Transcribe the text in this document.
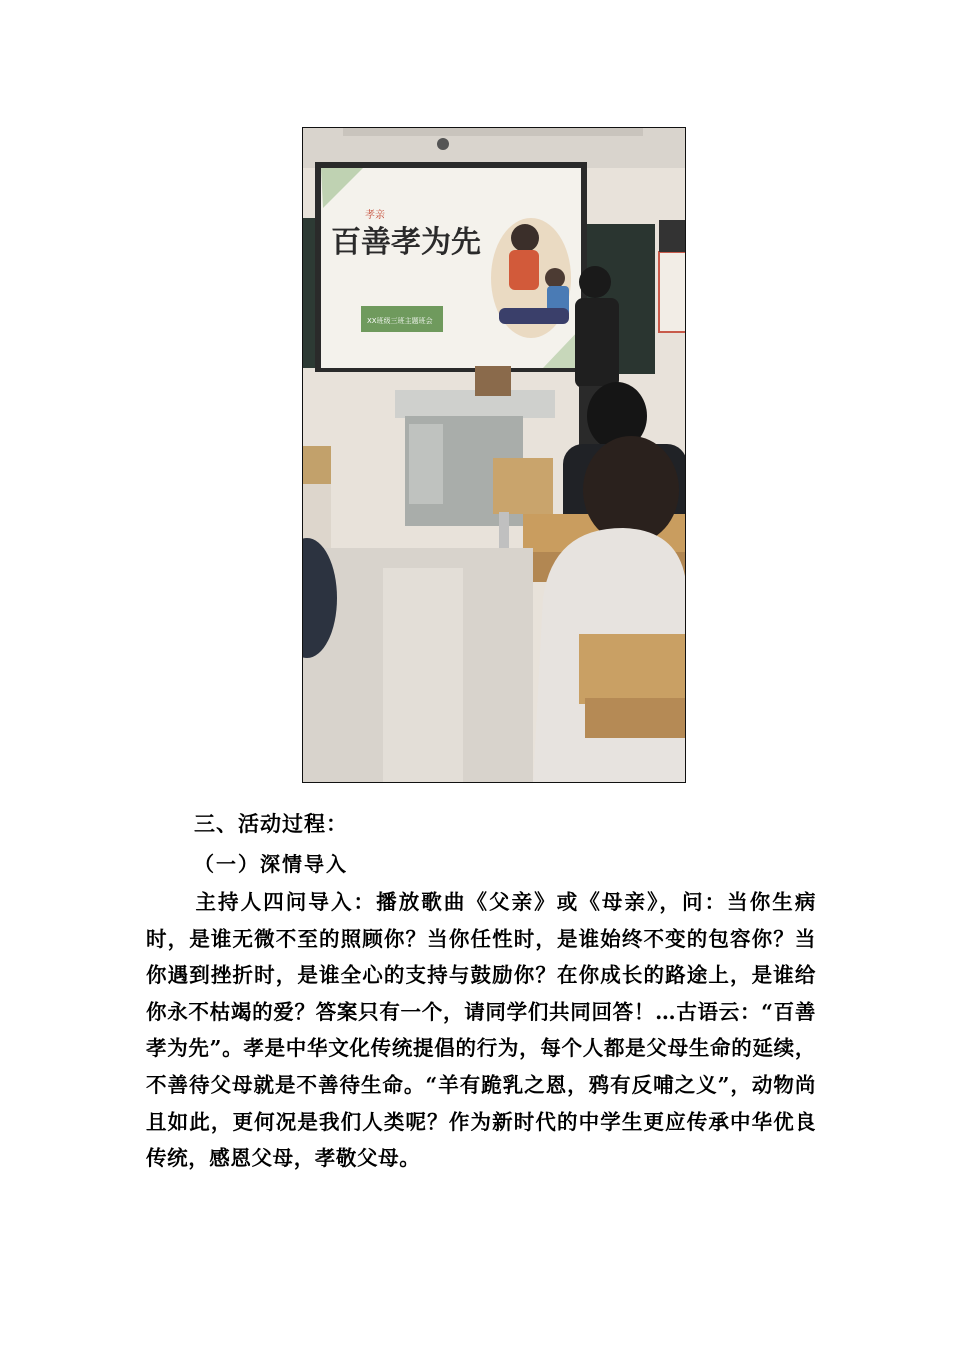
孝亲
百善孝为先
XX班级三班主题班会
三、活动过程：
（一）深情导入

主持人四问导入：播放歌曲《父亲》或《母亲》，问：当你生病时，是谁无微不至的照顾你？当你任性时，是谁始终不变的包容你？当你遇到挫折时，是谁全心的支持与鼓励你？在你成长的路途上，是谁给你永不枯竭的爱？答案只有一个，请同学们共同回答！…古语云：“百善孝为先”。孝是中华文化传统提倡的行为，每个人都是父母生命的延续，不善待父母就是不善待生命。“羊有跪乳之恩，鸦有反哺之义”，动物尚且如此，更何况是我们人类呢？作为新时代的中学生更应传承中华优良传统，感恩父母，孝敬父母。
